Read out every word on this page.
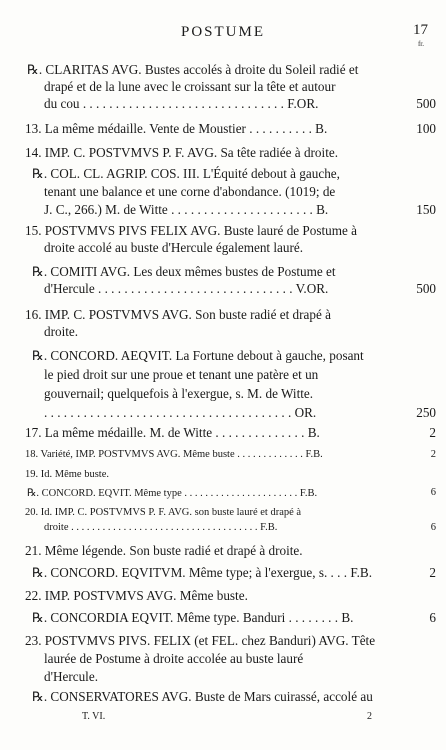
POSTUME	17
fr.
℞. CLARITAS AVG. Bustes accolés à droite du Soleil radié et
drapé et de la lune avec le croissant sur la tête et autour
du cou . . . . . . . . . . . . . . . . . . . . . . . . . . . . . . . F.OR.	500
13. La même médaille. Vente de Moustier . . . . . . . . . . B.	100
14. IMP. C. POSTVMVS P. F. AVG. Sa tête radiée à droite.
℞. COL. CL. AGRIP. COS. III. L'Équité debout à gauche,
tenant une balance et une corne d'abondance. (1019; de
J. C., 266.) M. de Witte . . . . . . . . . . . . . . . . . . . . . . B.	150
15. POSTVMVS PIVS FELIX AVG. Buste lauré de Postume à
droite accolé au buste d'Hercule également lauré.
℞. COMITI AVG. Les deux mêmes bustes de Postume et
d'Hercule . . . . . . . . . . . . . . . . . . . . . . . . . . . . . . V.OR.	500
16. IMP. C. POSTVMVS AVG. Son buste radié et drapé à
droite.
℞. CONCORD. AEQVIT. La Fortune debout à gauche, posant
le pied droit sur une proue et tenant une patère et un
gouvernail; quelquefois à l'exergue, s. M. de Witte.
. . . . . . . . . . . . . . . . . . . . . . . . . . . . . . . . . . . . . . OR.	250
17. La même médaille. M. de Witte . . . . . . . . . . . . . . B.	2
18. Variété, IMP. POSTVMVS AVG. Même buste . . . . . . . . . . . . . F.B.	2
19. Id. Même buste.
℞. CONCORD. EQVIT. Même type . . . . . . . . . . . . . . . . . . . . . . F.B.	6
20. Id. IMP. C. POSTVMVS P. F. AVG. son buste lauré et drapé à
droite . . . . . . . . . . . . . . . . . . . . . . . . . . . . . . . . . . . . F.B.	6
21. Même légende. Son buste radié et drapé à droite.
℞. CONCORD. EQVITVM. Même type; à l'exergue, s. . . . F.B.	2
22. IMP. POSTVMVS AVG. Même buste.
℞. CONCORDIA EQVIT. Même type. Banduri . . . . . . . . B.	6
23. POSTVMVS PIVS. FELIX (et FEL. chez Banduri) AVG. Tête
laurée de Postume à droite accolée au buste lauré
d'Hercule.
℞. CONSERVATORES AVG. Buste de Mars cuirassé, accolé au
T. VI.	2
